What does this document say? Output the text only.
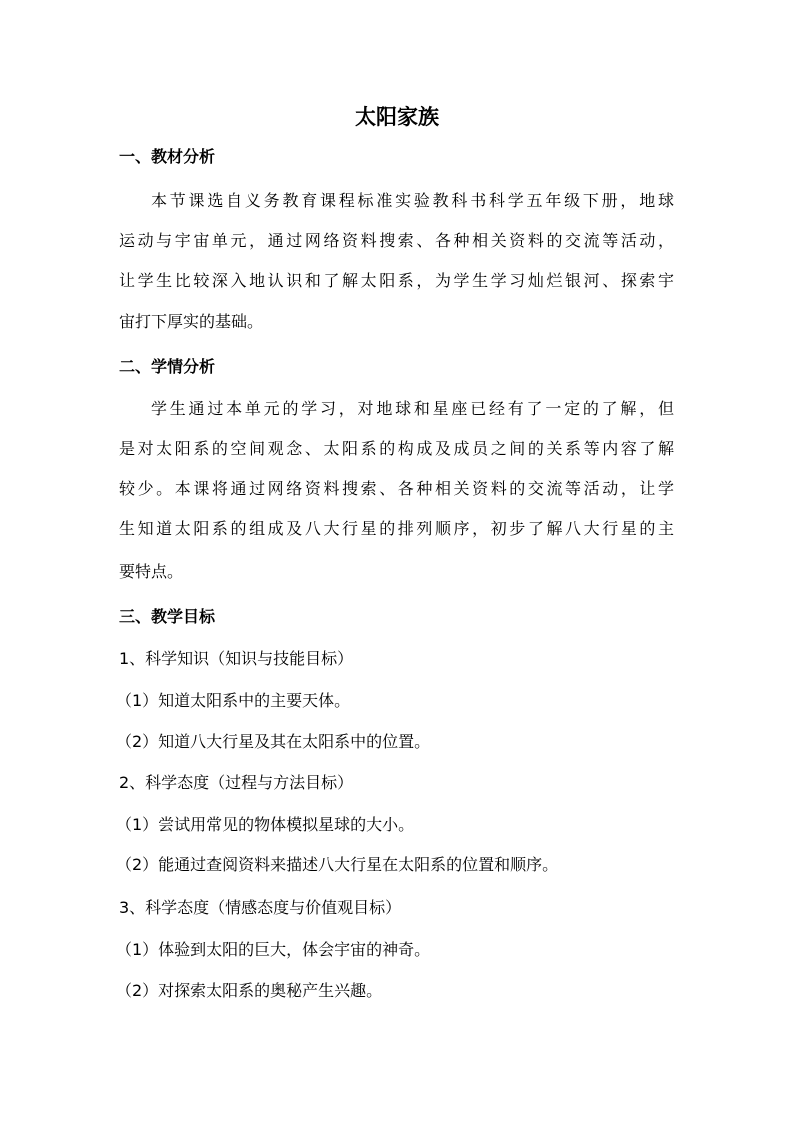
太阳家族
一、教材分析
本节课选自义务教育课程标准实验教科书科学五年级下册，地球
运动与宇宙单元，通过网络资料搜索、各种相关资料的交流等活动，
让学生比较深入地认识和了解太阳系，为学生学习灿烂银河、探索宇
宙打下厚实的基础。
二、学情分析
学生通过本单元的学习，对地球和星座已经有了一定的了解，但
是对太阳系的空间观念、太阳系的构成及成员之间的关系等内容了解
较少。本课将通过网络资料搜索、各种相关资料的交流等活动，让学
生知道太阳系的组成及八大行星的排列顺序，初步了解八大行星的主
要特点。
三、教学目标
1、科学知识（知识与技能目标）
（1）知道太阳系中的主要天体。
（2）知道八大行星及其在太阳系中的位置。
2、科学态度（过程与方法目标）
（1）尝试用常见的物体模拟星球的大小。
（2）能通过查阅资料来描述八大行星在太阳系的位置和顺序。
3、科学态度（情感态度与价值观目标）
（1）体验到太阳的巨大，体会宇宙的神奇。
（2）对探索太阳系的奥秘产生兴趣。
